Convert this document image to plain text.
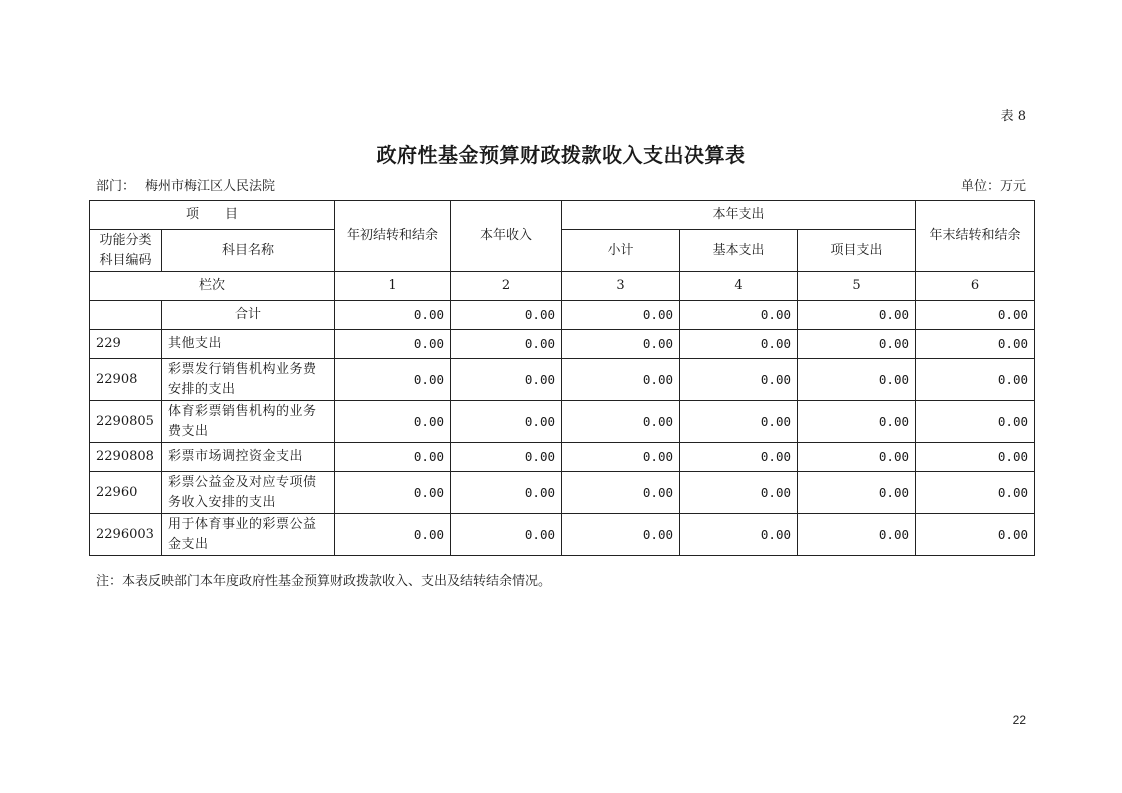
表 8
政府性基金预算财政拨款收入支出决算表
部门： 梅州市梅江区人民法院	单位：万元
项　　目		年初结转和结余	本年收入	本年支出			年末结转和结余
功能分类科目编码	科目名称			小计	基本支出	项目支出	
栏次		1	2	3	4	5	6
	合计	0.00	0.00	0.00	0.00	0.00	0.00
229	其他支出	0.00	0.00	0.00	0.00	0.00	0.00
22908	彩票发行销售机构业务费安排的支出	0.00	0.00	0.00	0.00	0.00	0.00
2290805	体育彩票销售机构的业务费支出	0.00	0.00	0.00	0.00	0.00	0.00
2290808	彩票市场调控资金支出	0.00	0.00	0.00	0.00	0.00	0.00
22960	彩票公益金及对应专项债务收入安排的支出	0.00	0.00	0.00	0.00	0.00	0.00
2296003	用于体育事业的彩票公益金支出	0.00	0.00	0.00	0.00	0.00	0.00
注：本表反映部门本年度政府性基金预算财政拨款收入、支出及结转结余情况。
22
